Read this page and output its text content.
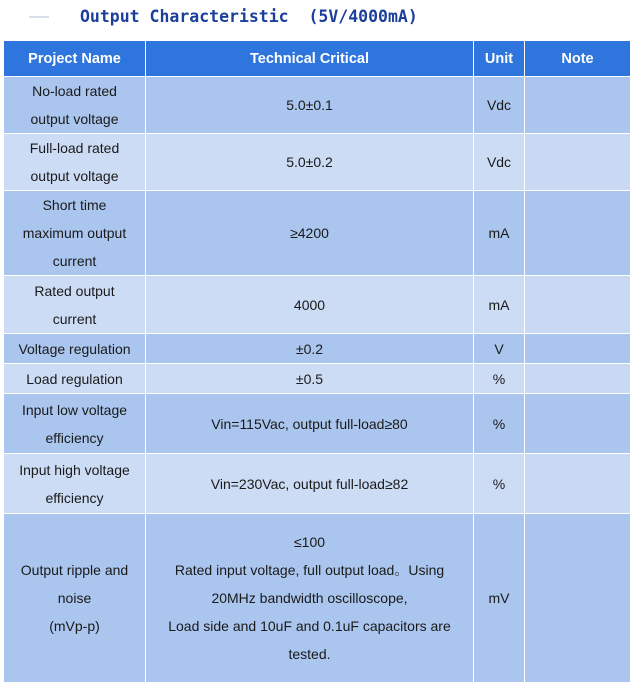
Output Characteristic  (5V/4000mA)
Project Name	Technical Critical	Unit	Note

No-load rated
output voltage	5.0±0.1	Vdc	

Full-load rated
output voltage	5.0±0.2	Vdc	

Short time
maximum output
current	≥4200	mA	

Rated output
current	4000	mA	

Voltage regulation	±0.2	V	

Load regulation	±0.5	%	

Input low voltage
efficiency	Vin=115Vac, output full-load≥80	%	

Input high voltage
efficiency	Vin=230Vac, output full-load≥82	%	

Output ripple and
noise
(mVp-p)	≤100
Rated input voltage, full output load。Using
20MHz bandwidth oscilloscope,
Load side and 10uF and 0.1uF capacitors are
tested.	mV	
